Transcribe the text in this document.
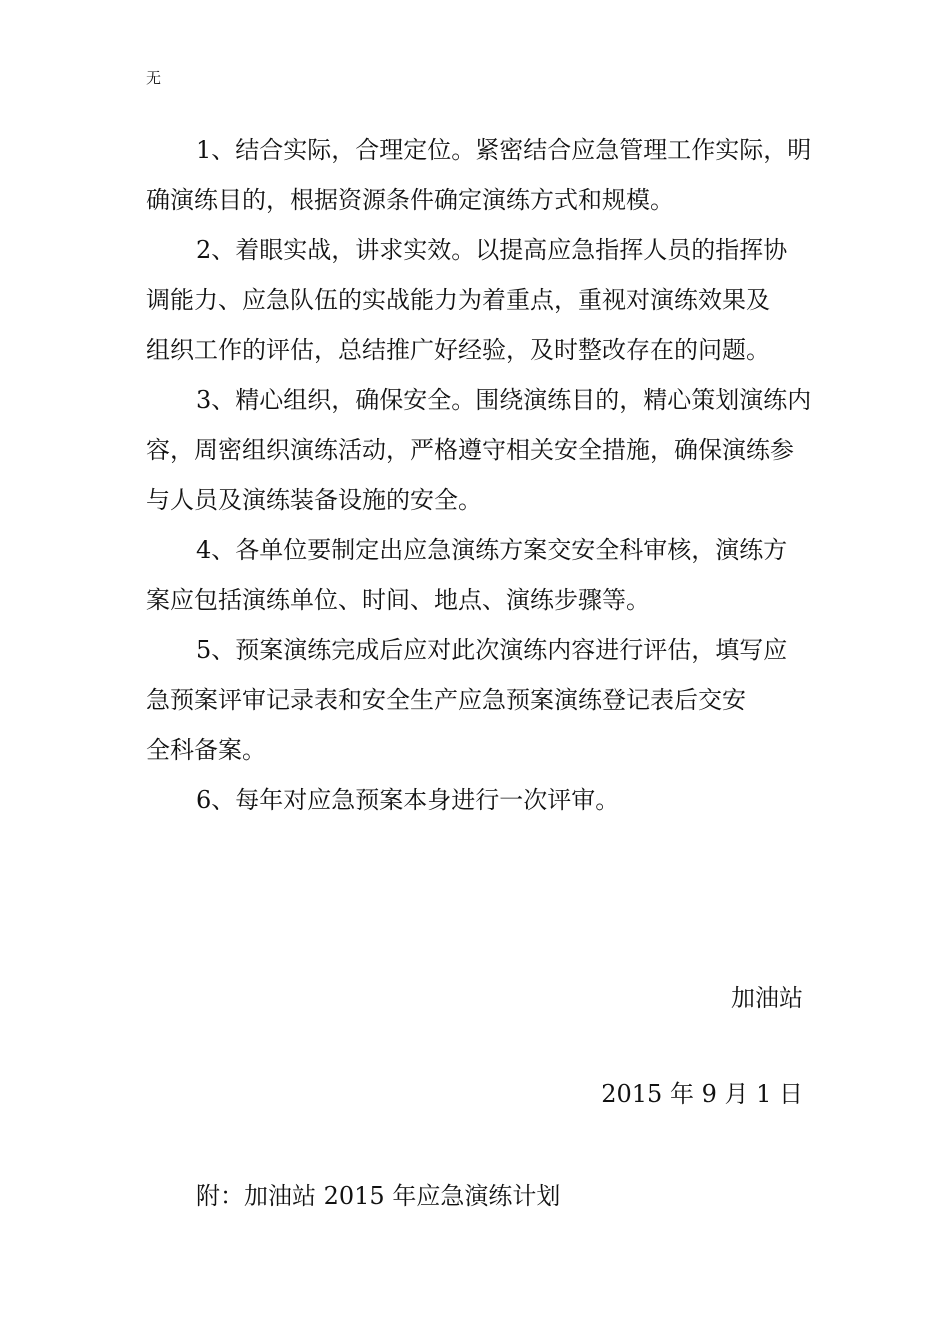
无
1、结合实际，合理定位。紧密结合应急管理工作实际，明
确演练目的，根据资源条件确定演练方式和规模。
2、着眼实战，讲求实效。以提高应急指挥人员的指挥协
调能力、应急队伍的实战能力为着重点，重视对演练效果及
组织工作的评估，总结推广好经验，及时整改存在的问题。
3、精心组织，确保安全。围绕演练目的，精心策划演练内
容，周密组织演练活动，严格遵守相关安全措施，确保演练参
与人员及演练装备设施的安全。
4、各单位要制定出应急演练方案交安全科审核，演练方
案应包括演练单位、时间、地点、演练步骤等。
5、预案演练完成后应对此次演练内容进行评估，填写应
急预案评审记录表和安全生产应急预案演练登记表后交安
全科备案。
6、每年对应急预案本身进行一次评审。
加油站
2015 年 9 月 1 日
附：加油站 2015 年应急演练计划
